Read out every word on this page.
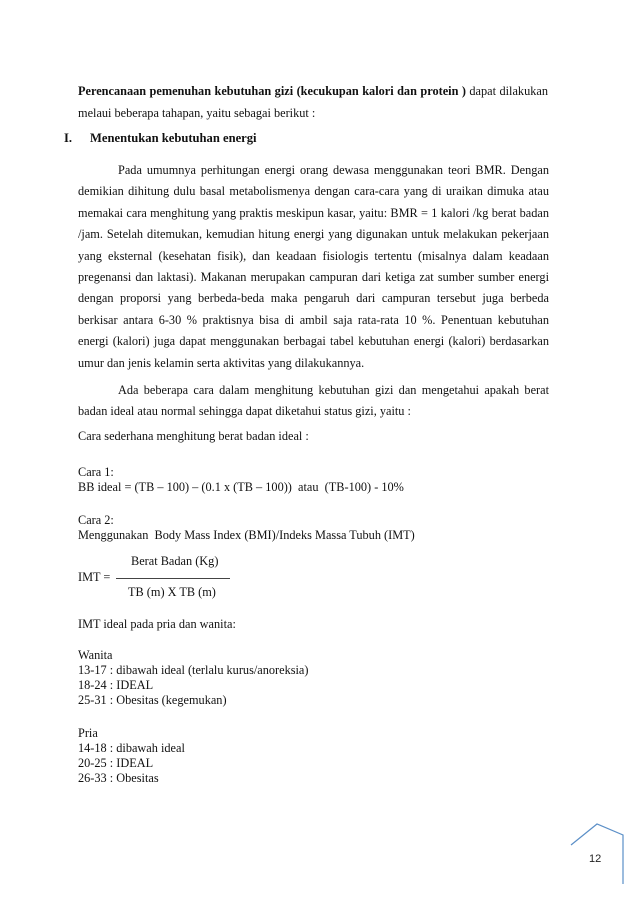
Perencanaan pemenuhan kebutuhan gizi (kecukupan kalori dan protein ) dapat dilakukan melaui beberapa tahapan, yaitu sebagai berikut :
I. Menentukan kebutuhan energi
Pada umumnya perhitungan energi orang dewasa menggunakan teori BMR. Dengan demikian dihitung dulu basal metabolismenya dengan cara-cara yang di uraikan dimuka atau memakai cara menghitung yang praktis meskipun kasar, yaitu: BMR = 1 kalori /kg berat badan /jam. Setelah ditemukan, kemudian hitung energi yang digunakan untuk melakukan pekerjaan yang eksternal (kesehatan fisik), dan keadaan fisiologis tertentu (misalnya dalam keadaan pregenansi dan laktasi). Makanan merupakan campuran dari ketiga zat sumber sumber energi dengan proporsi yang berbeda-beda maka pengaruh dari campuran tersebut juga berbeda berkisar antara 6-30 % praktisnya bisa di ambil saja rata-rata 10 %. Penentuan kebutuhan energi (kalori) juga dapat menggunakan berbagai tabel kebutuhan energi (kalori) berdasarkan umur dan jenis kelamin serta aktivitas yang dilakukannya.
Ada beberapa cara dalam menghitung kebutuhan gizi dan mengetahui apakah berat badan ideal atau normal sehingga dapat diketahui status gizi, yaitu :
Cara sederhana menghitung berat badan ideal :
Cara 1:
BB ideal = (TB – 100) – (0.1 x (TB – 100))  atau  (TB-100) - 10%
Cara 2:
Menggunakan  Body Mass Index (BMI)/Indeks Massa Tubuh (IMT)
Berat Badan (Kg)
IMT =
TB (m) X TB (m)
IMT ideal pada pria dan wanita:
Wanita
13-17 : dibawah ideal (terlalu kurus/anoreksia)
18-24 : IDEAL
25-31 : Obesitas (kegemukan)
Pria
14-18 : dibawah ideal
20-25 : IDEAL
26-33 : Obesitas
12
